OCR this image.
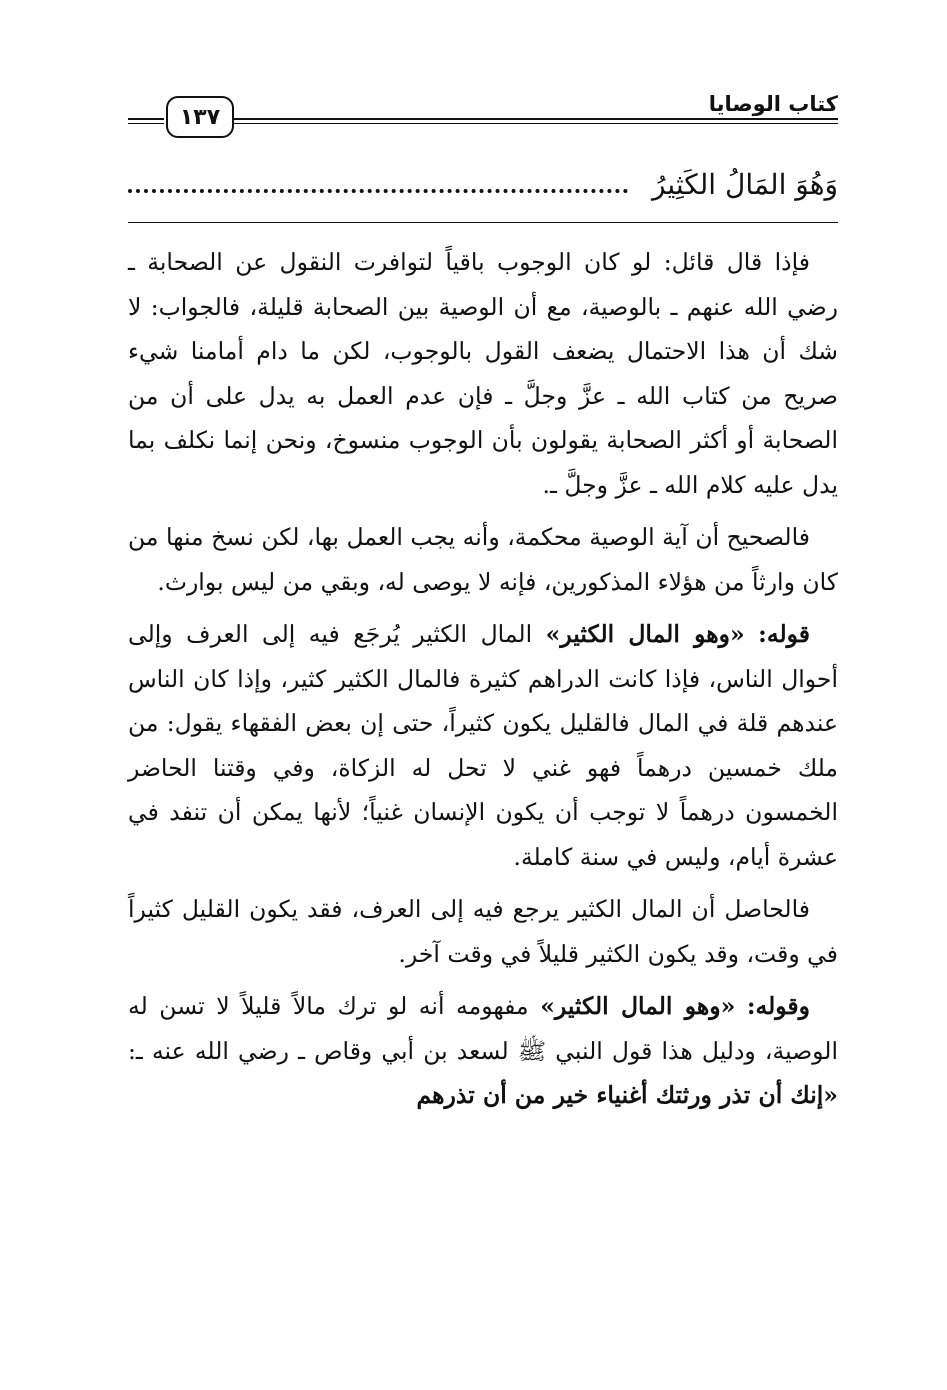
كتاب الوصايا
١٣٧
وَهُوَ المَالُ الكَثِيرُ

فإذا قال قائل: لو كان الوجوب باقياً لتوافرت النقول عن الصحابة ـ رضي الله عنهم ـ بالوصية، مع أن الوصية بين الصحابة قليلة، فالجواب: لا شك أن هذا الاحتمال يضعف القول بالوجوب، لكن ما دام أمامنا شيء صريح من كتاب الله ـ عزَّ وجلَّ ـ فإن عدم العمل به يدل على أن من الصحابة أو أكثر الصحابة يقولون بأن الوجوب منسوخ، ونحن إنما نكلف بما يدل عليه كلام الله ـ عزَّ وجلَّ ـ.

فالصحيح أن آية الوصية محكمة، وأنه يجب العمل بها، لكن نسخ منها من كان وارثاً من هؤلاء المذكورين، فإنه لا يوصى له، وبقي من ليس بوارث.

قوله: «وهو المال الكثير» المال الكثير يُرجَع فيه إلى العرف وإلى أحوال الناس، فإذا كانت الدراهم كثيرة فالمال الكثير كثير، وإذا كان الناس عندهم قلة في المال فالقليل يكون كثيراً، حتى إن بعض الفقهاء يقول: من ملك خمسين درهماً فهو غني لا تحل له الزكاة، وفي وقتنا الحاضر الخمسون درهماً لا توجب أن يكون الإنسان غنياً؛ لأنها يمكن أن تنفد في عشرة أيام، وليس في سنة كاملة.

فالحاصل أن المال الكثير يرجع فيه إلى العرف، فقد يكون القليل كثيراً في وقت، وقد يكون الكثير قليلاً في وقت آخر.

وقوله: «وهو المال الكثير» مفهومه أنه لو ترك مالاً قليلاً لا تسن له الوصية، ودليل هذا قول النبي ﷺ لسعد بن أبي وقاص ـ رضي الله عنه ـ: «إنك أن تذر ورثتك أغنياء خير من أن تذرهم
